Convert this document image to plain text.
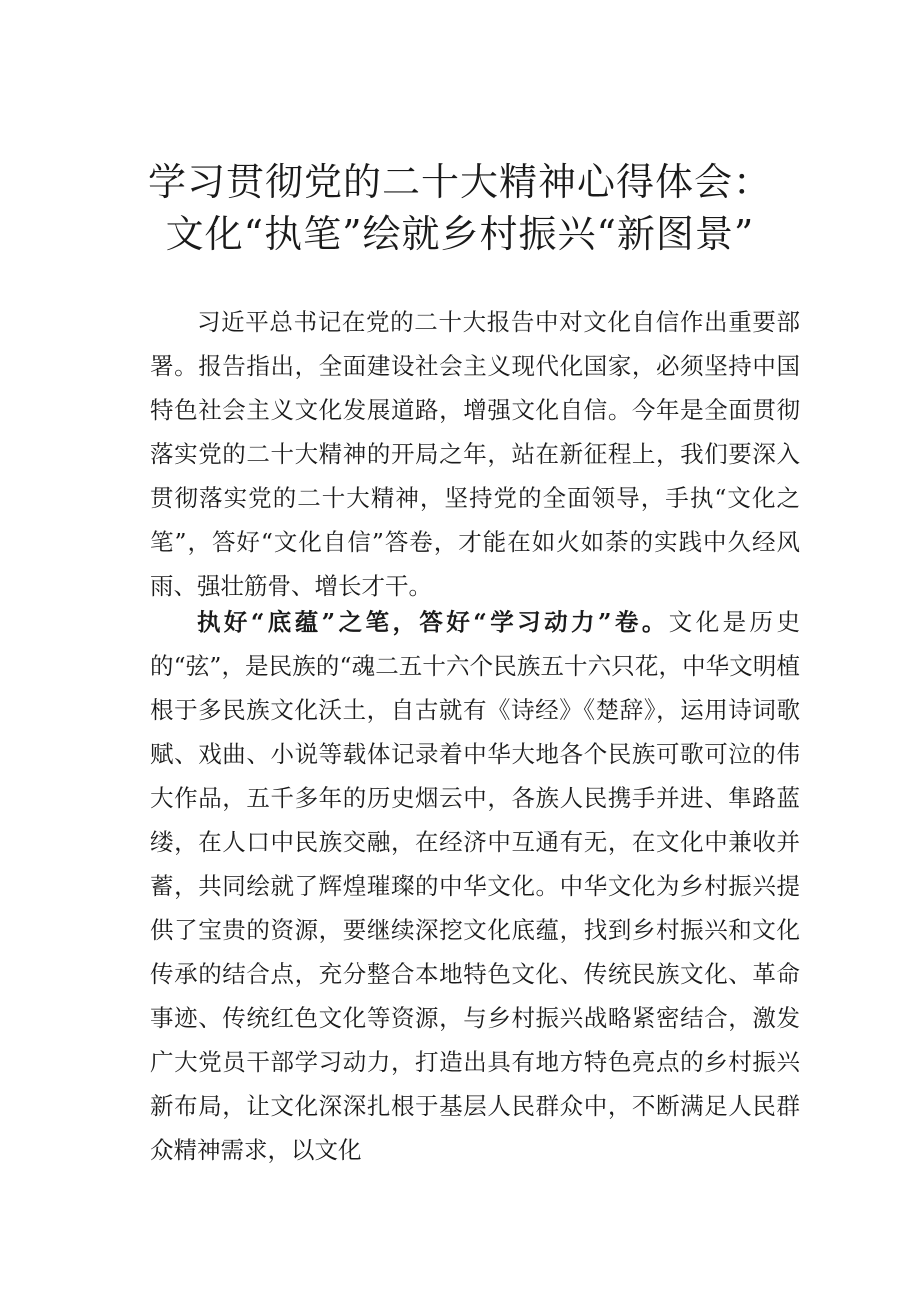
学习贯彻党的二十大精神心得体会：
文化“执笔”绘就乡村振兴“新图景”

习近平总书记在党的二十大报告中对文化自信作出重要部署。报告指出，全面建设社会主义现代化国家，必须坚持中国特色社会主义文化发展道路，增强文化自信。今年是全面贯彻落实党的二十大精神的开局之年，站在新征程上，我们要深入贯彻落实党的二十大精神，坚持党的全面领导，手执“文化之笔”，答好“文化自信”答卷，才能在如火如荼的实践中久经风雨、强壮筋骨、增长才干。

执好“底蕴”之笔，答好“学习动力”卷。文化是历史的“弦”，是民族的“魂二五十六个民族五十六只花，中华文明植根于多民族文化沃土，自古就有《诗经》《楚辞》，运用诗词歌赋、戏曲、小说等载体记录着中华大地各个民族可歌可泣的伟大作品，五千多年的历史烟云中，各族人民携手并进、隼路蓝缕，在人口中民族交融，在经济中互通有无，在文化中兼收并蓄，共同绘就了辉煌璀璨的中华文化。中华文化为乡村振兴提供了宝贵的资源，要继续深挖文化底蕴，找到乡村振兴和文化传承的结合点，充分整合本地特色文化、传统民族文化、革命事迹、传统红色文化等资源，与乡村振兴战略紧密结合，激发广大党员干部学习动力，打造出具有地方特色亮点的乡村振兴新布局，让文化深深扎根于基层人民群众中，不断满足人民群众精神需求，以文化
